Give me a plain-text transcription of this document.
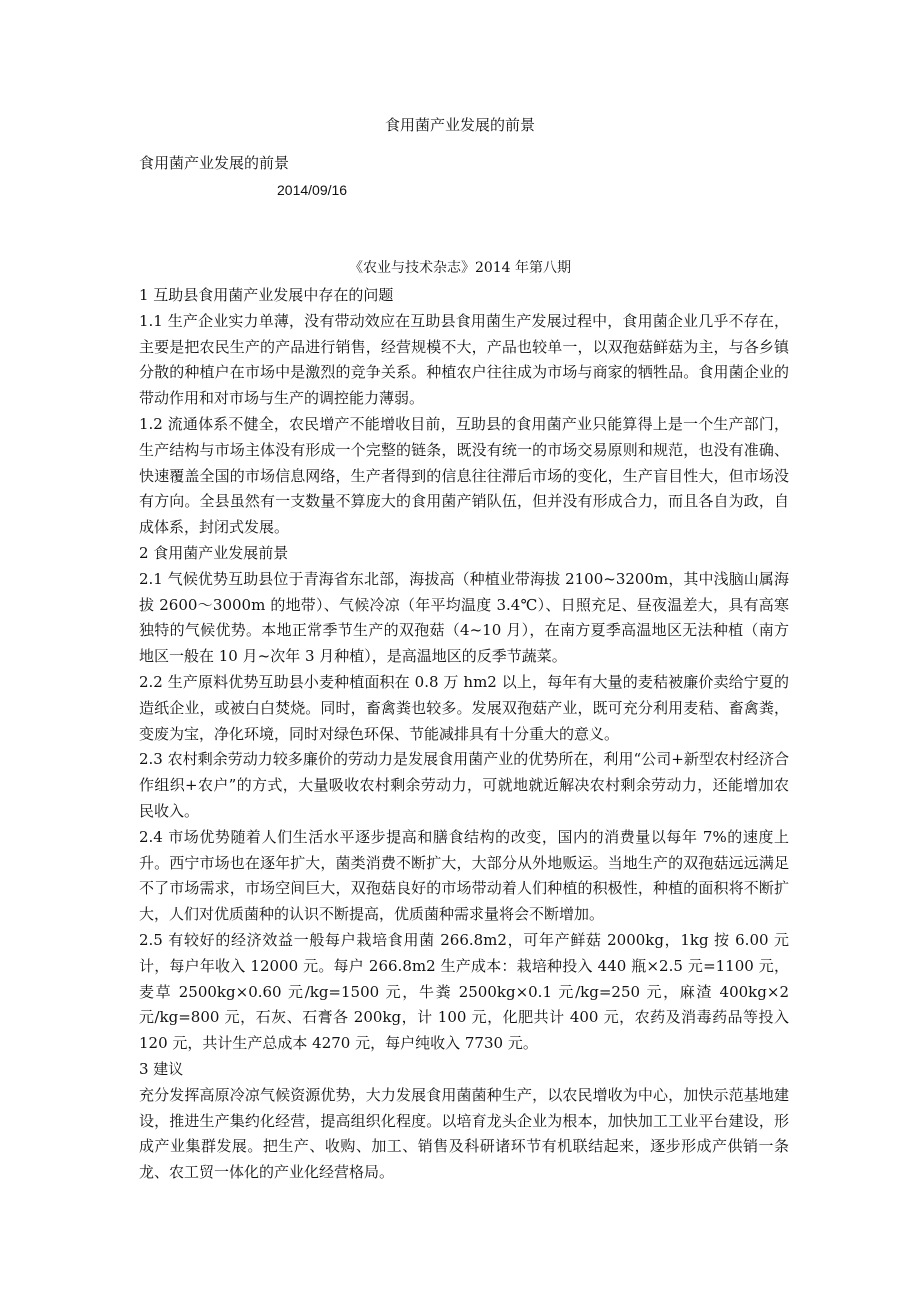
食用菌产业发展的前景
食用菌产业发展的前景
2014/09/16
《农业与技术杂志》2014 年第八期

1 互助县食用菌产业发展中存在的问题

1.1 生产企业实力单薄，没有带动效应在互助县食用菌生产发展过程中，食用菌企业几乎不存在，主要是把农民生产的产品进行销售，经营规模不大，产品也较单一，以双孢菇鲜菇为主，与各乡镇分散的种植户在市场中是激烈的竞争关系。种植农户往往成为市场与商家的牺牲品。食用菌企业的带动作用和对市场与生产的调控能力薄弱。

1.2 流通体系不健全，农民增产不能增收目前，互助县的食用菌产业只能算得上是一个生产部门，生产结构与市场主体没有形成一个完整的链条，既没有统一的市场交易原则和规范，也没有准确、快速覆盖全国的市场信息网络，生产者得到的信息往往滞后市场的变化，生产盲目性大，但市场没有方向。全县虽然有一支数量不算庞大的食用菌产销队伍，但并没有形成合力，而且各自为政，自成体系，封闭式发展。

2 食用菌产业发展前景

2.1 气候优势互助县位于青海省东北部，海拔高（种植业带海拔 2100~3200m，其中浅脑山属海拔 2600～3000m 的地带）、气候冷凉（年平均温度 3.4℃）、日照充足、昼夜温差大，具有高寒独特的气候优势。本地正常季节生产的双孢菇（4~10 月），在南方夏季高温地区无法种植（南方地区一般在 10 月~次年 3 月种植），是高温地区的反季节蔬菜。

2.2 生产原料优势互助县小麦种植面积在 0.8 万 hm2 以上，每年有大量的麦秸被廉价卖给宁夏的造纸企业，或被白白焚烧。同时，畜禽粪也较多。发展双孢菇产业，既可充分利用麦秸、畜禽粪，变废为宝，净化环境，同时对绿色环保、节能减排具有十分重大的意义。

2.3 农村剩余劳动力较多廉价的劳动力是发展食用菌产业的优势所在，利用“公司+新型农村经济合作组织+农户”的方式，大量吸收农村剩余劳动力，可就地就近解决农村剩余劳动力，还能增加农民收入。

2.4 市场优势随着人们生活水平逐步提高和膳食结构的改变，国内的消费量以每年 7%的速度上升。西宁市场也在逐年扩大，菌类消费不断扩大，大部分从外地贩运。当地生产的双孢菇远远满足不了市场需求，市场空间巨大，双孢菇良好的市场带动着人们种植的积极性，种植的面积将不断扩大，人们对优质菌种的认识不断提高，优质菌种需求量将会不断增加。

2.5 有较好的经济效益一般每户栽培食用菌 266.8m2，可年产鲜菇 2000kg，1kg 按 6.00 元计，每户年收入 12000 元。每户 266.8m2 生产成本：栽培种投入 440 瓶×2.5 元=1100 元，麦草 2500kg×0.60 元/kg=1500 元，牛粪 2500kg×0.1 元/kg=250 元，麻渣 400kg×2 元/kg=800 元，石灰、石膏各 200kg，计 100 元，化肥共计 400 元，农药及消毒药品等投入 120 元，共计生产总成本 4270 元，每户纯收入 7730 元。

3 建议

充分发挥高原冷凉气候资源优势，大力发展食用菌菌种生产，以农民增收为中心，加快示范基地建设，推进生产集约化经营，提高组织化程度。以培育龙头企业为根本，加快加工工业平台建设，形成产业集群发展。把生产、收购、加工、销售及科研诸环节有机联结起来，逐步形成产供销一条龙、农工贸一体化的产业化经营格局。
